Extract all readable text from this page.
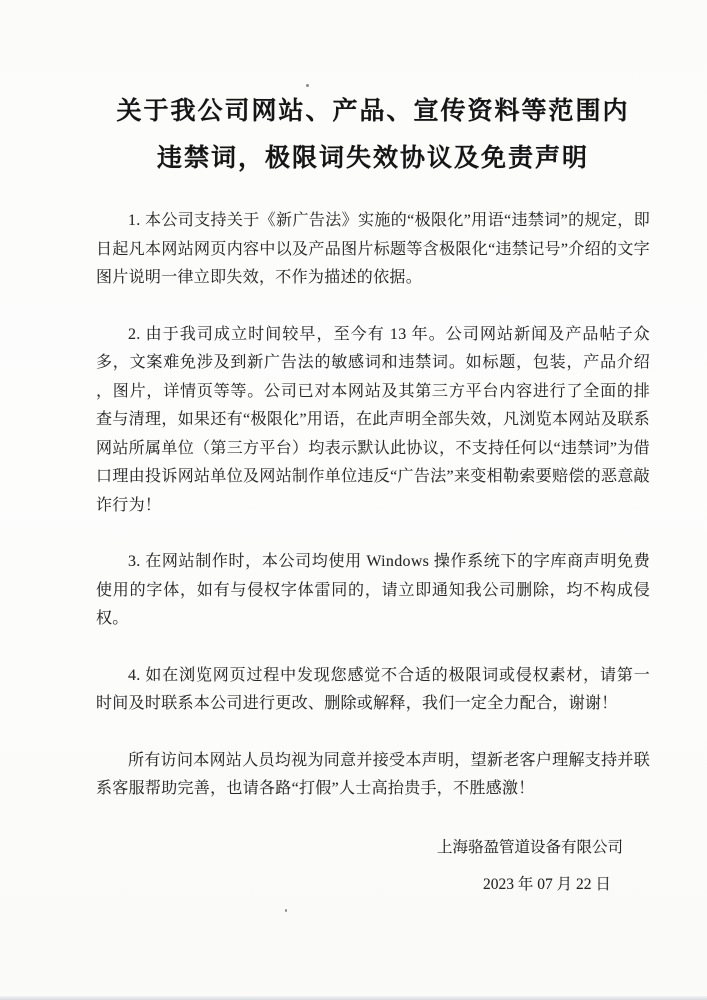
关于我公司网站、产品、宣传资料等范围内
违禁词，极限词失效协议及免责声明

1. 本公司支持关于《新广告法》实施的“极限化”用语“违禁词”的规定，即日起凡本网站网页内容中以及产品图片标题等含极限化“违禁记号”介绍的文字图片说明一律立即失效，不作为描述的依据。

2. 由于我司成立时间较早，至今有 13 年。公司网站新闻及产品帖子众多，文案难免涉及到新广告法的敏感词和违禁词。如标题，包装，产品介绍 ，图片，详情页等等。公司已对本网站及其第三方平台内容进行了全面的排查与清理，如果还有“极限化”用语，在此声明全部失效，凡浏览本网站及联系网站所属单位（第三方平台）均表示默认此协议，不支持任何以“违禁词”为借口理由投诉网站单位及网站制作单位违反“广告法”来变相勒索要赔偿的恶意敲诈行为！

3. 在网站制作时，本公司均使用 Windows 操作系统下的字库商声明免费使用的字体，如有与侵权字体雷同的，请立即通知我公司删除，均不构成侵权。

4. 如在浏览网页过程中发现您感觉不合适的极限词或侵权素材，请第一时间及时联系本公司进行更改、删除或解释，我们一定全力配合，谢谢！

所有访问本网站人员均视为同意并接受本声明，望新老客户理解支持并联系客服帮助完善，也请各路“打假”人士高抬贵手，不胜感激！

上海骆盈管道设备有限公司
2023 年 07 月 22 日
